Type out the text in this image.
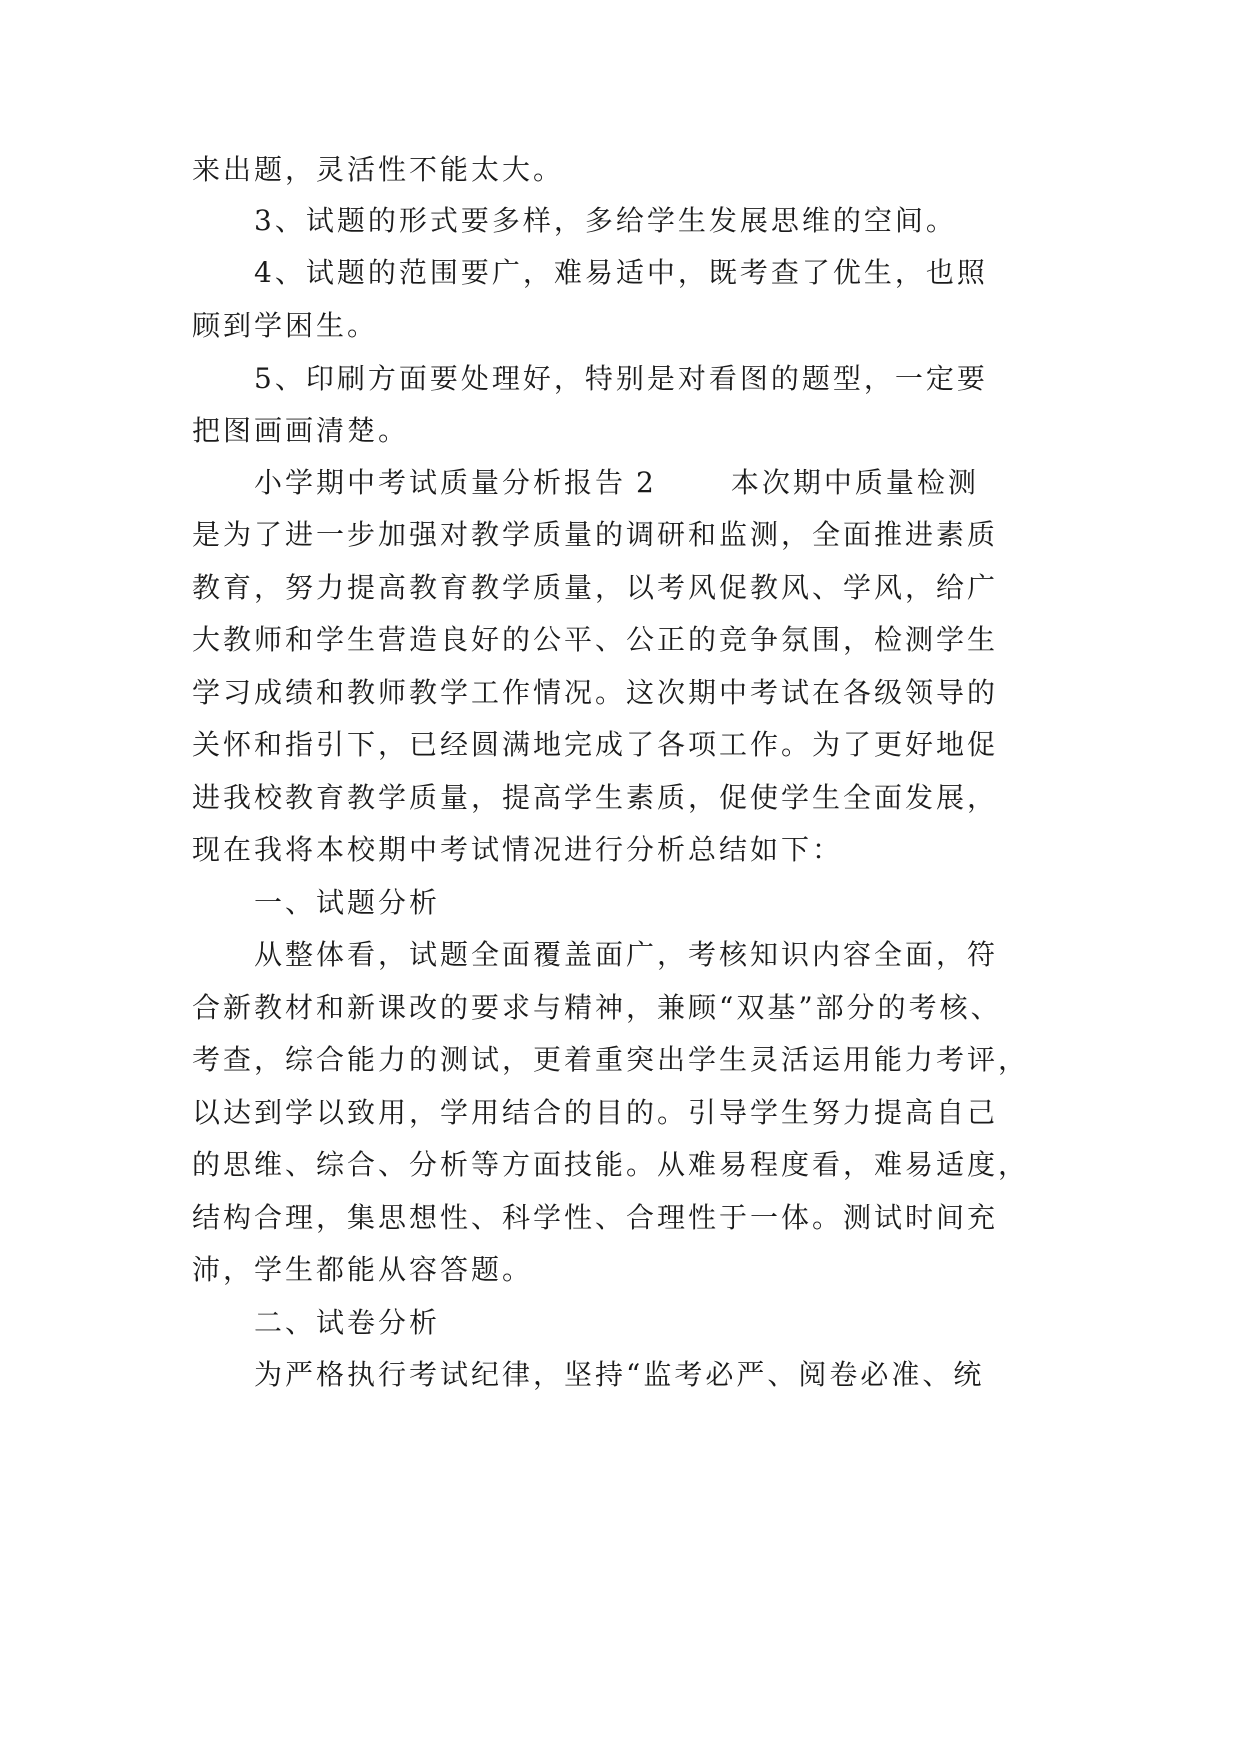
来出题，灵活性不能太大。

3、试题的形式要多样，多给学生发展思维的空间。

4、试题的范围要广，难易适中，既考查了优生，也照

顾到学困生。

5、印刷方面要处理好，特别是对看图的题型，一定要

把图画画清楚。

小学期中考试质量分析报告 2	本次期中质量检测

是为了进一步加强对教学质量的调研和监测，全面推进素质

教育，努力提高教育教学质量，以考风促教风、学风，给广

大教师和学生营造良好的公平、公正的竞争氛围，检测学生

学习成绩和教师教学工作情况。这次期中考试在各级领导的

关怀和指引下，已经圆满地完成了各项工作。为了更好地促

进我校教育教学质量，提高学生素质，促使学生全面发展，

现在我将本校期中考试情况进行分析总结如下：

一、试题分析

从整体看，试题全面覆盖面广，考核知识内容全面，符

合新教材和新课改的要求与精神，兼顾“双基”部分的考核、

考查，综合能力的测试，更着重突出学生灵活运用能力考评，

以达到学以致用，学用结合的目的。引导学生努力提高自己

的思维、综合、分析等方面技能。从难易程度看，难易适度，

结构合理，集思想性、科学性、合理性于一体。测试时间充

沛，学生都能从容答题。

二、试卷分析

为严格执行考试纪律，坚持“监考必严、阅卷必准、统
